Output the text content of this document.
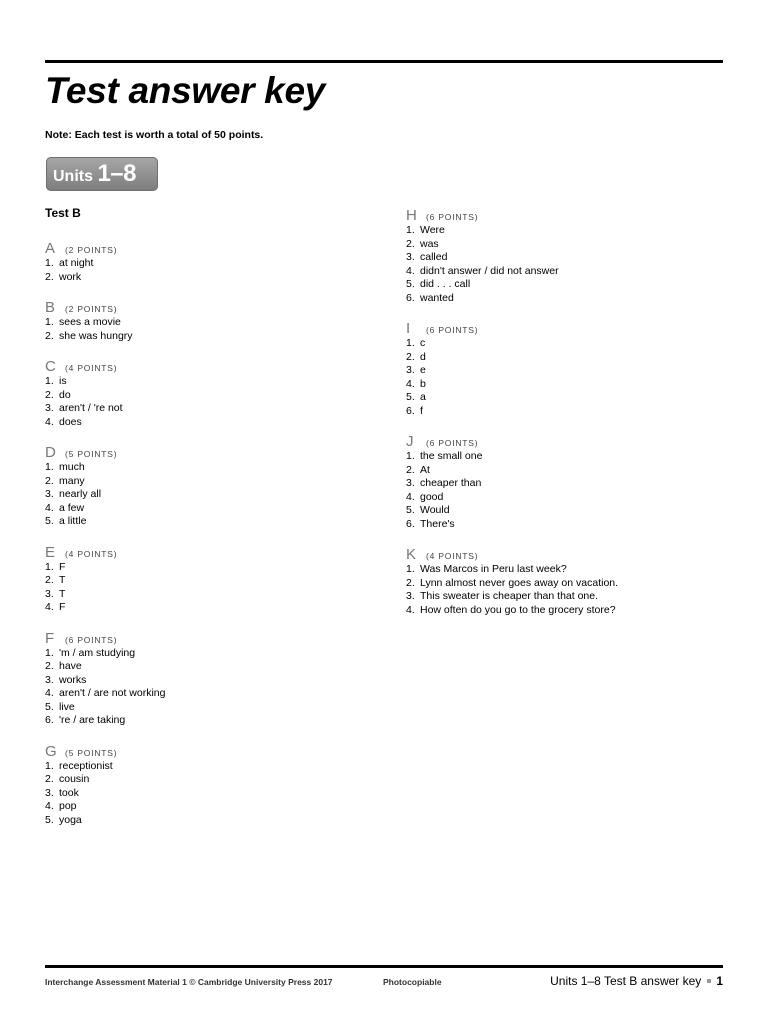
Test answer key
Note: Each test is worth a total of 50 points.
Units 1–8
Test B
A (2 POINTS)
1. at night
2. work
B (2 POINTS)
1. sees a movie
2. she was hungry
C (4 POINTS)
1. is
2. do
3. aren't / 're not
4. does
D (5 POINTS)
1. much
2. many
3. nearly all
4. a few
5. a little
E (4 POINTS)
1. F
2. T
3. T
4. F
F (6 POINTS)
1. 'm / am studying
2. have
3. works
4. aren't / are not working
5. live
6. 're / are taking
G (5 POINTS)
1. receptionist
2. cousin
3. took
4. pop
5. yoga
H (6 POINTS)
1. Were
2. was
3. called
4. didn't answer / did not answer
5. did . . . call
6. wanted
I (6 POINTS)
1. c
2. d
3. e
4. b
5. a
6. f
J (6 POINTS)
1. the small one
2. At
3. cheaper than
4. good
5. Would
6. There's
K (4 POINTS)
1. Was Marcos in Peru last week?
2. Lynn almost never goes away on vacation.
3. This sweater is cheaper than that one.
4. How often do you go to the grocery store?
Interchange Assessment Material 1 © Cambridge University Press 2017	Photocopiable	Units 1–8 Test B answer key 1
